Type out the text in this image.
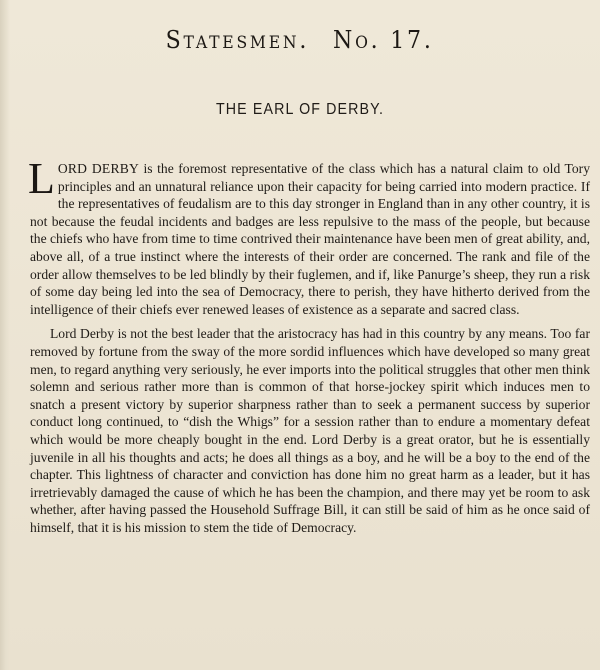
Statesmen. No. 17.
THE EARL OF DERBY.

LORD DERBY is the foremost representative of the class which has a natural claim to old Tory principles and an unnatural reliance upon their capacity for being carried into modern practice. If the representatives of feudalism are to this day stronger in England than in any other country, it is not because the feudal incidents and badges are less repulsive to the mass of the people, but because the chiefs who have from time to time contrived their maintenance have been men of great ability, and, above all, of a true instinct where the interests of their order are concerned. The rank and file of the order allow themselves to be led blindly by their fuglemen, and if, like Panurge’s sheep, they run a risk of some day being led into the sea of Democracy, there to perish, they have hitherto derived from the intelligence of their chiefs ever renewed leases of existence as a separate and sacred class.

Lord Derby is not the best leader that the aristocracy has had in this country by any means. Too far removed by fortune from the sway of the more sordid influences which have developed so many great men, to regard anything very seriously, he ever imports into the political struggles that other men think solemn and serious rather more than is common of that horse-jockey spirit which induces men to snatch a present victory by superior sharpness rather than to seek a permanent success by superior conduct long continued, to “dish the Whigs” for a session rather than to endure a momentary defeat which would be more cheaply bought in the end. Lord Derby is a great orator, but he is essentially juvenile in all his thoughts and acts; he does all things as a boy, and he will be a boy to the end of the chapter. This lightness of character and conviction has done him no great harm as a leader, but it has irretrievably damaged the cause of which he has been the champion, and there may yet be room to ask whether, after having passed the Household Suffrage Bill, it can still be said of him as he once said of himself, that it is his mission to stem the tide of Democracy.
